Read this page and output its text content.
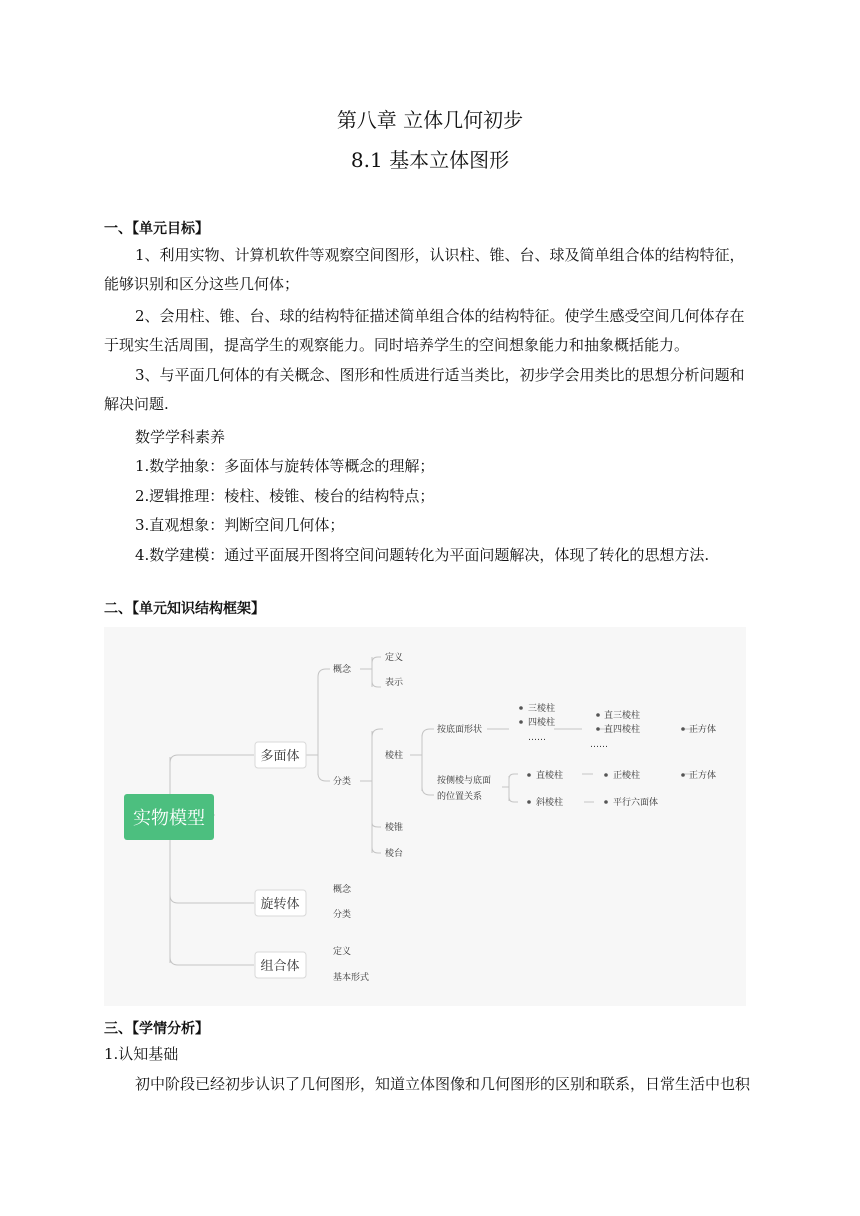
第八章 立体几何初步
8.1 基本立体图形
一、【单元目标】

1、利用实物、计算机软件等观察空间图形，认识柱、锥、台、球及简单组合体的结构特征，能够识别和区分这些几何体；

2、会用柱、锥、台、球的结构特征描述简单组合体的结构特征。使学生感受空间几何体存在于现实生活周围，提高学生的观察能力。同时培养学生的空间想象能力和抽象概括能力。

3、与平面几何体的有关概念、图形和性质进行适当类比，初步学会用类比的思想分析问题和解决问题.

数学学科素养
1.数学抽象：多面体与旋转体等概念的理解；
2.逻辑推理：棱柱、棱锥、棱台的结构特点；
3.直观想象：判断空间几何体；
4.数学建模：通过平面展开图将空间问题转化为平面问题解决，体现了转化的思想方法.
二、【单元知识结构框架】
实物模型
多面体
旋转体
组合体
概念
定义
表示
分类
棱柱
棱锥
棱台
按底面形状
按侧棱与底面
的位置关系
三棱柱
四棱柱
……
直三棱柱
直四棱柱
……
正方体
直棱柱	正棱柱	正方体
斜棱柱	平行六面体
概念
分类
定义
基本形式
三、【学情分析】
1.认知基础
初中阶段已经初步认识了几何图形，知道立体图像和几何图形的区别和联系，日常生活中也积
